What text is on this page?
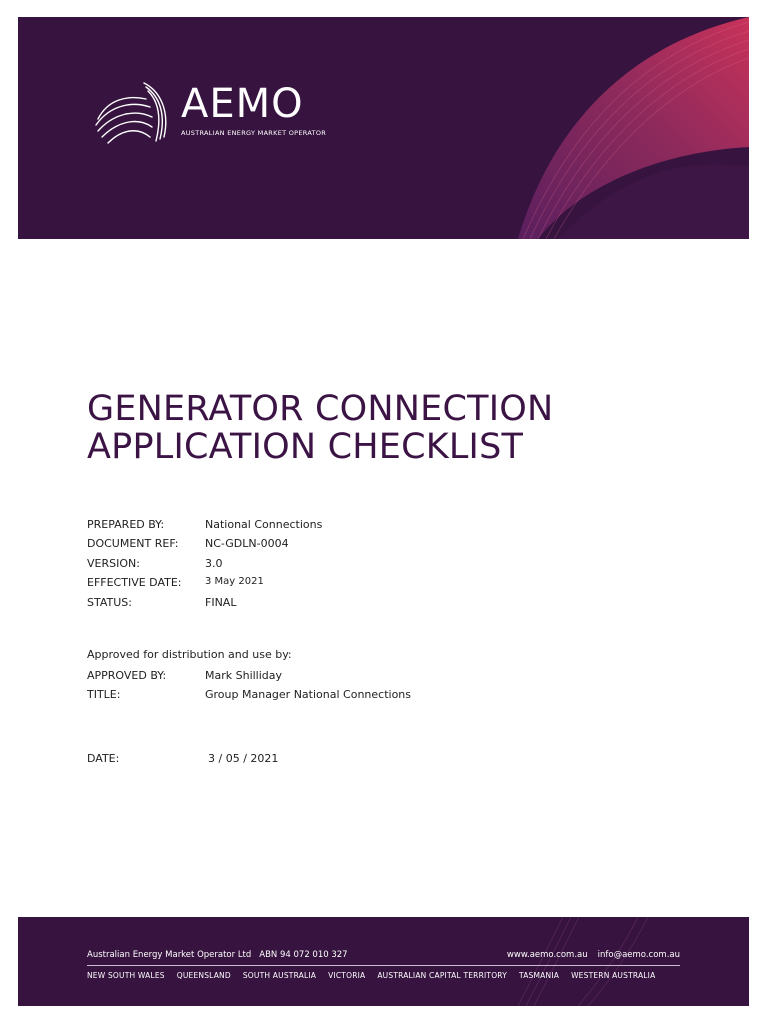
AEMO
AUSTRALIAN ENERGY MARKET OPERATOR
GENERATOR CONNECTION
APPLICATION CHECKLIST
PREPARED BY:	National Connections
DOCUMENT REF:	NC-GDLN-0004
VERSION:	3.0
EFFECTIVE DATE:	3 May 2021
STATUS:	FINAL
Approved for distribution and use by:
APPROVED BY:	Mark Shilliday
TITLE:	Group Manager National Connections
DATE:	3 / 05 / 2021
Australian Energy Market Operator Ltd ABN 94 072 010 327	www.aemo.com.au info@aemo.com.au
NEW SOUTH WALES QUEENSLAND SOUTH AUSTRALIA VICTORIA AUSTRALIAN CAPITAL TERRITORY TASMANIA WESTERN AUSTRALIA
